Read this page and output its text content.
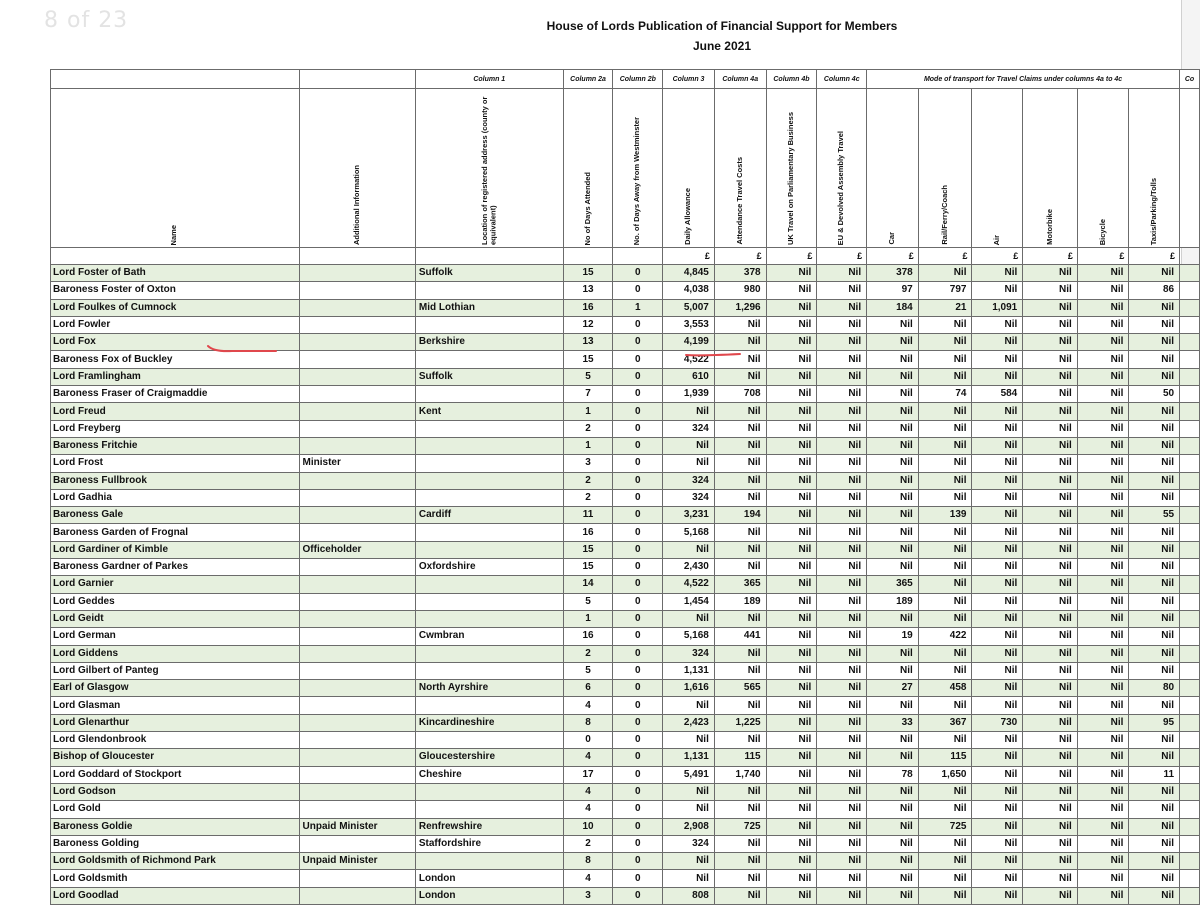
8 of 23	House of Lords Publication of Financial Support for Members
June 2021
		Column 1	Column 2a	Column 2b	Column 3	Column 4a	Column 4b	Column 4c	Mode of transport for Travel Claims under columns 4a to 4c						Co

Name	Additional Information	Location of registered address (county or equivalent)	No of Days Attended	No. of Days Away from Westminster	Daily Allowance	Attendance Travel Costs	UK Travel on Parliamentary Business	EU & Devolved Assembly Travel	Car	Rail/Ferry/Coach	Air	Motorbike	Bicycle	Taxis/Parking/Tolls	

					£	£	£	£	£	£	£	£	£	£	
Lord Foster of Bath		Suffolk	15	0	4,845	378	Nil	Nil	378	Nil	Nil	Nil	Nil	Nil	
Baroness Foster of Oxton			13	0	4,038	980	Nil	Nil	97	797	Nil	Nil	Nil	86	
Lord Foulkes of Cumnock		Mid Lothian	16	1	5,007	1,296	Nil	Nil	184	21	1,091	Nil	Nil	Nil	
Lord Fowler			12	0	3,553	Nil	Nil	Nil	Nil	Nil	Nil	Nil	Nil	Nil	
Lord Fox		Berkshire	13	0	4,199	Nil	Nil	Nil	Nil	Nil	Nil	Nil	Nil	Nil	
Baroness Fox of Buckley			15	0	4,522	Nil	Nil	Nil	Nil	Nil	Nil	Nil	Nil	Nil	
Lord Framlingham		Suffolk	5	0	610	Nil	Nil	Nil	Nil	Nil	Nil	Nil	Nil	Nil	
Baroness Fraser of Craigmaddie			7	0	1,939	708	Nil	Nil	Nil	74	584	Nil	Nil	50	
Lord Freud		Kent	1	0	Nil	Nil	Nil	Nil	Nil	Nil	Nil	Nil	Nil	Nil	
Lord Freyberg			2	0	324	Nil	Nil	Nil	Nil	Nil	Nil	Nil	Nil	Nil	
Baroness Fritchie			1	0	Nil	Nil	Nil	Nil	Nil	Nil	Nil	Nil	Nil	Nil	
Lord Frost	Minister		3	0	Nil	Nil	Nil	Nil	Nil	Nil	Nil	Nil	Nil	Nil	
Baroness Fullbrook			2	0	324	Nil	Nil	Nil	Nil	Nil	Nil	Nil	Nil	Nil	
Lord Gadhia			2	0	324	Nil	Nil	Nil	Nil	Nil	Nil	Nil	Nil	Nil	
Baroness Gale		Cardiff	11	0	3,231	194	Nil	Nil	Nil	139	Nil	Nil	Nil	55	
Baroness Garden of Frognal			16	0	5,168	Nil	Nil	Nil	Nil	Nil	Nil	Nil	Nil	Nil	
Lord Gardiner of Kimble	Officeholder		15	0	Nil	Nil	Nil	Nil	Nil	Nil	Nil	Nil	Nil	Nil	
Baroness Gardner of Parkes		Oxfordshire	15	0	2,430	Nil	Nil	Nil	Nil	Nil	Nil	Nil	Nil	Nil	
Lord Garnier			14	0	4,522	365	Nil	Nil	365	Nil	Nil	Nil	Nil	Nil	
Lord Geddes			5	0	1,454	189	Nil	Nil	189	Nil	Nil	Nil	Nil	Nil	
Lord Geidt			1	0	Nil	Nil	Nil	Nil	Nil	Nil	Nil	Nil	Nil	Nil	
Lord German		Cwmbran	16	0	5,168	441	Nil	Nil	19	422	Nil	Nil	Nil	Nil	
Lord Giddens			2	0	324	Nil	Nil	Nil	Nil	Nil	Nil	Nil	Nil	Nil	
Lord Gilbert of Panteg			5	0	1,131	Nil	Nil	Nil	Nil	Nil	Nil	Nil	Nil	Nil	
Earl of Glasgow		North Ayrshire	6	0	1,616	565	Nil	Nil	27	458	Nil	Nil	Nil	80	
Lord Glasman			4	0	Nil	Nil	Nil	Nil	Nil	Nil	Nil	Nil	Nil	Nil	
Lord Glenarthur		Kincardineshire	8	0	2,423	1,225	Nil	Nil	33	367	730	Nil	Nil	95	
Lord Glendonbrook			0	0	Nil	Nil	Nil	Nil	Nil	Nil	Nil	Nil	Nil	Nil	
Bishop of Gloucester		Gloucestershire	4	0	1,131	115	Nil	Nil	Nil	115	Nil	Nil	Nil	Nil	
Lord Goddard of Stockport		Cheshire	17	0	5,491	1,740	Nil	Nil	78	1,650	Nil	Nil	Nil	11	
Lord Godson			4	0	Nil	Nil	Nil	Nil	Nil	Nil	Nil	Nil	Nil	Nil	
Lord Gold			4	0	Nil	Nil	Nil	Nil	Nil	Nil	Nil	Nil	Nil	Nil	
Baroness Goldie	Unpaid Minister	Renfrewshire	10	0	2,908	725	Nil	Nil	Nil	725	Nil	Nil	Nil	Nil	
Baroness Golding		Staffordshire	2	0	324	Nil	Nil	Nil	Nil	Nil	Nil	Nil	Nil	Nil	
Lord Goldsmith of Richmond Park	Unpaid Minister		8	0	Nil	Nil	Nil	Nil	Nil	Nil	Nil	Nil	Nil	Nil	
Lord Goldsmith		London	4	0	Nil	Nil	Nil	Nil	Nil	Nil	Nil	Nil	Nil	Nil	
Lord Goodlad		London	3	0	808	Nil	Nil	Nil	Nil	Nil	Nil	Nil	Nil	Nil	
